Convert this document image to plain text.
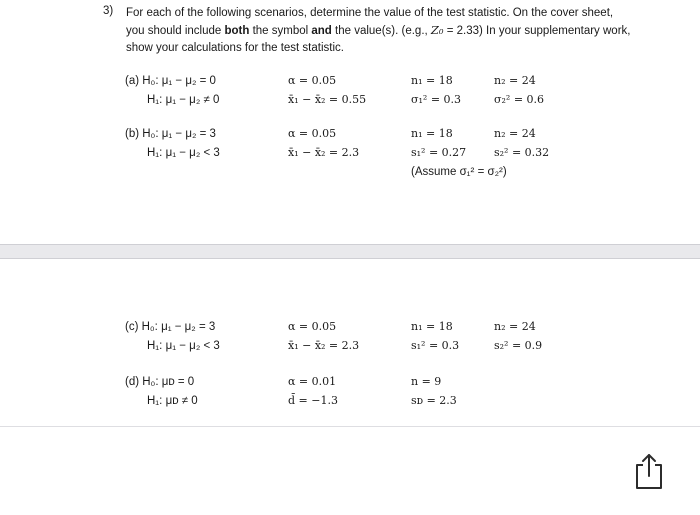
3) For each of the following scenarios, determine the value of the test statistic. On the cover sheet, you should include both the symbol and the value(s). (e.g., Z₀ = 2.33) In your supplementary work, show your calculations for the test statistic.
(a) H₀: μ₁ − μ₂ = 0
H₁: μ₁ − μ₂ ≠ 0
α = 0.05
x̄₁ − x̄₂ = 0.55
n₁ = 18
σ₁² = 0.3
n₂ = 24
σ₂² = 0.6
(b) H₀: μ₁ − μ₂ = 3
H₁: μ₁ − μ₂ < 3
α = 0.05
x̄₁ − x̄₂ = 2.3
n₁ = 18
s₁² = 0.27
n₂ = 24
s₂² = 0.32
(Assume σ₁² = σ₂²)
(c) H₀: μ₁ − μ₂ = 3
H₁: μ₁ − μ₂ < 3
α = 0.05
x̄₁ − x̄₂ = 2.3
n₁ = 18
s₁² = 0.3
n₂ = 24
s₂² = 0.9
(d) H₀: μᴅ = 0
H₁: μᴅ ≠ 0
α = 0.01
d̄ = −1.3
n = 9
sᴅ = 2.3
